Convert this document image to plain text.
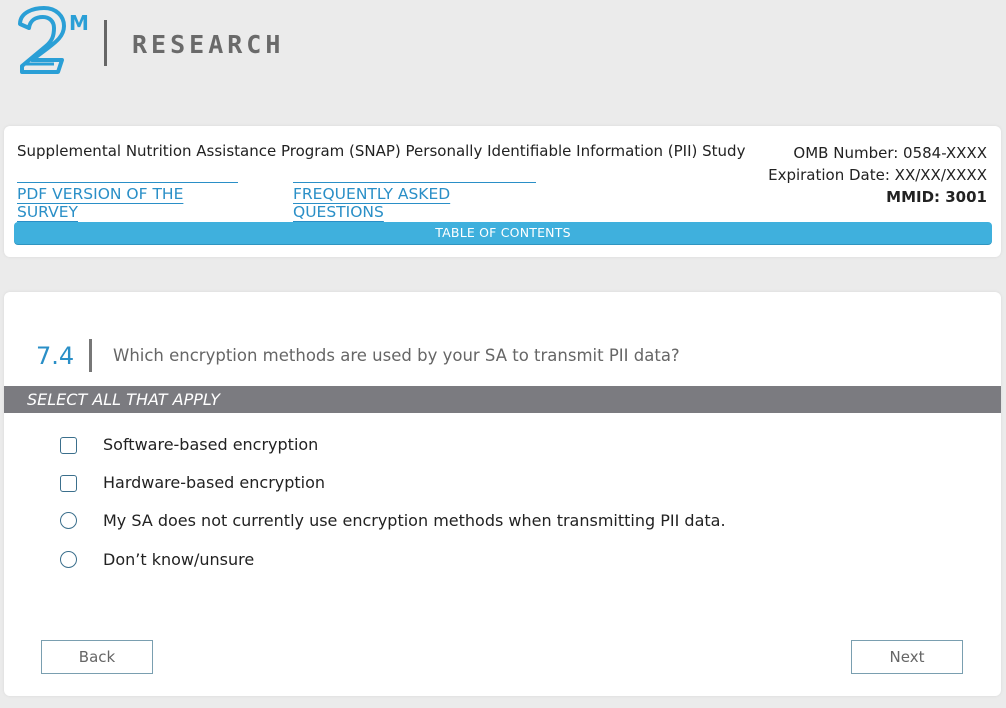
M
RESEARCH
Supplemental Nutrition Assistance Program (SNAP) Personally Identifiable Information (PII) Study	OMB Number: 0584-XXXX
Expiration Date: XX/XX/XXXX
MMID: 3001
PDF VERSION OF THE SURVEY
FREQUENTLY ASKED QUESTIONS
TABLE OF CONTENTS
7.4 Which encryption methods are used by your SA to transmit PII data?
SELECT ALL THAT APPLY
Software-based encryption
Hardware-based encryption
My SA does not currently use encryption methods when transmitting PII data.
Don’t know/unsure
Back	Next
